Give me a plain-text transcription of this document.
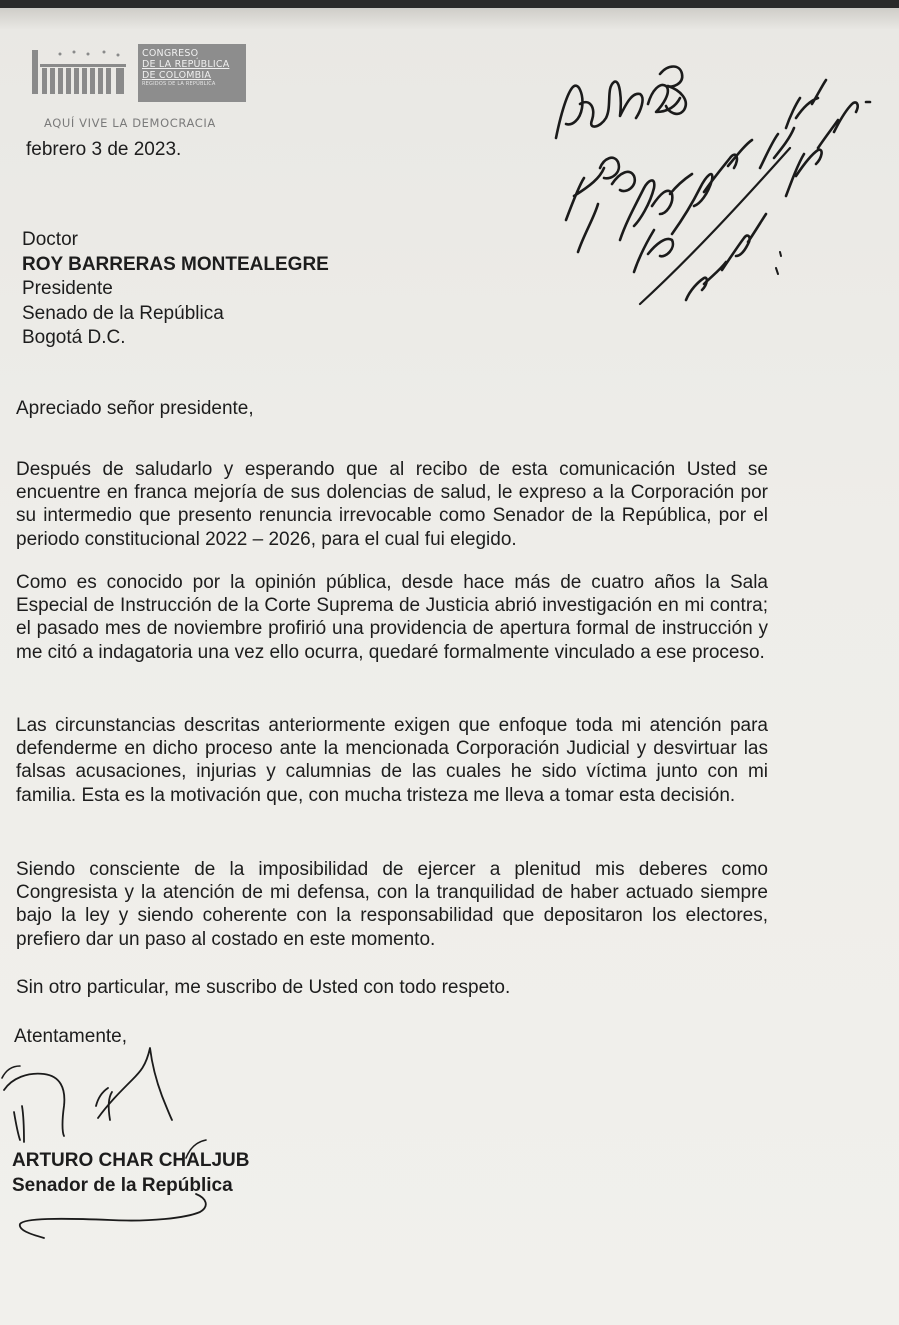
CONGRESO
DE LA REPÚBLICA
DE COLOMBIA
REGIDOS DE LA REPÚBLICA
AQUÍ VIVE LA DEMOCRACIA
febrero 3 de 2023.
Doctor
ROY BARRERAS MONTEALEGRE
Presidente
Senado de la República
Bogotá D.C.
Apreciado señor presidente,
Después de saludarlo y esperando que al recibo de esta comunicación Usted se encuentre en franca mejoría de sus dolencias de salud, le expreso a la Corporación por su intermedio que presento renuncia irrevocable como Senador de la República, por el periodo constitucional 2022 – 2026, para el cual fui elegido.
Como es conocido por la opinión pública, desde hace más de cuatro años la Sala Especial de Instrucción de la Corte Suprema de Justicia abrió investigación en mi contra; el pasado mes de noviembre profirió una providencia de apertura formal de instrucción y me citó a indagatoria una vez ello ocurra, quedaré formalmente vinculado a ese proceso.
Las circunstancias descritas anteriormente exigen que enfoque toda mi atención para defenderme en dicho proceso ante la mencionada Corporación Judicial y desvirtuar las falsas acusaciones, injurias y calumnias de las cuales he sido víctima junto con mi familia. Esta es la motivación que, con mucha tristeza me lleva a tomar esta decisión.
Siendo consciente de la imposibilidad de ejercer a plenitud mis deberes como Congresista y la atención de mi defensa, con la tranquilidad de haber actuado siempre bajo la ley y siendo coherente con la responsabilidad que depositaron los electores, prefiero dar un paso al costado en este momento.
Sin otro particular, me suscribo de Usted con todo respeto.
Atentamente,
ARTURO CHAR CHALJUB
Senador de la República
